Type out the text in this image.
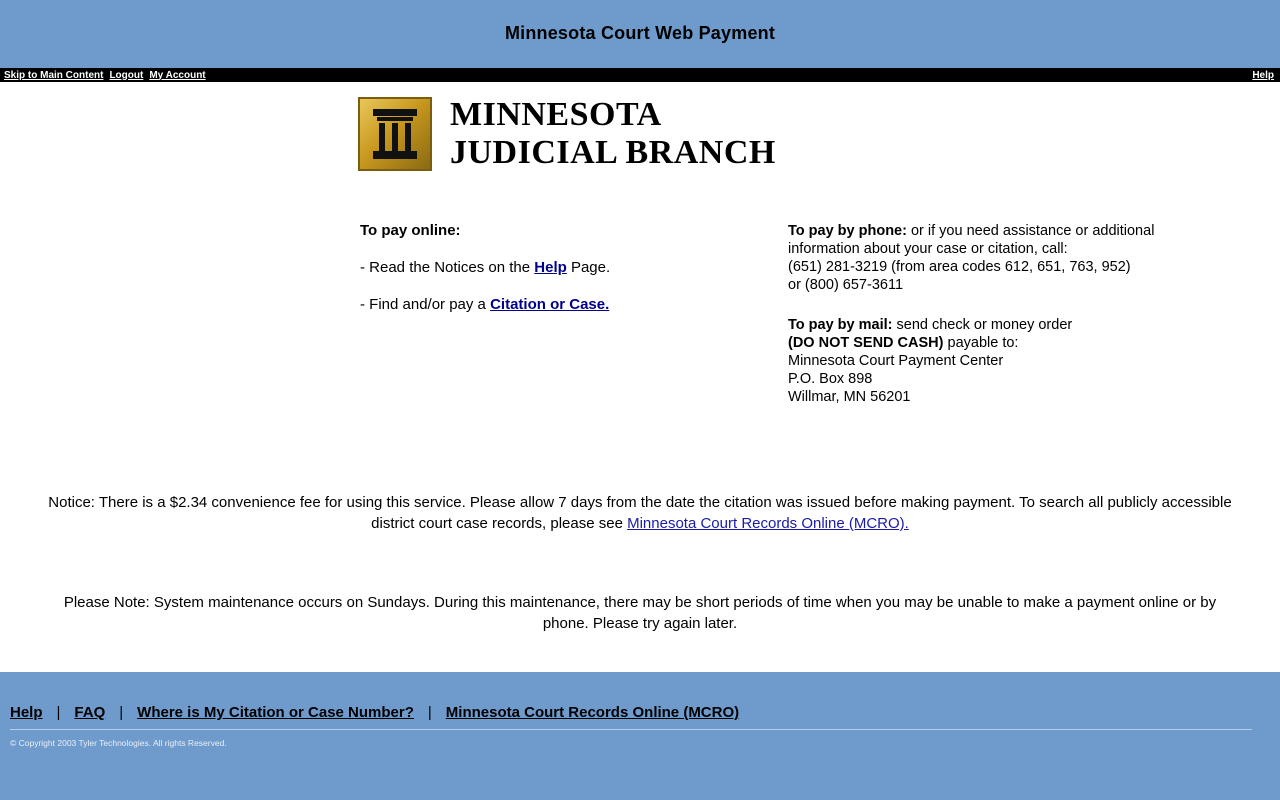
Minnesota Court Web Payment
Skip to Main Content Logout My Account	Help
MINNESOTA
JUDICIAL BRANCH

To pay online:

- Read the Notices on the Help Page.
- Find and/or pay a Citation or Case.
To pay by phone: or if you need assistance or additional information about your case or citation, call:
(651) 281-3219 (from area codes 612, 651, 763, 952)
or (800) 657-3611
To pay by mail: send check or money order
(DO NOT SEND CASH) payable to:
Minnesota Court Payment Center
P.O. Box 898
Willmar, MN 56201
Notice: There is a $2.34 convenience fee for using this service. Please allow 7 days from the date the citation was issued before making payment. To search all publicly accessible district court case records, please see Minnesota Court Records Online (MCRO).
Please Note: System maintenance occurs on Sundays. During this maintenance, there may be short periods of time when you may be unable to make a payment online or by phone. Please try again later.
Help | FAQ | Where is My Citation or Case Number? | Minnesota Court Records Online (MCRO)
© Copyright 2003 Tyler Technologies. All rights Reserved.
